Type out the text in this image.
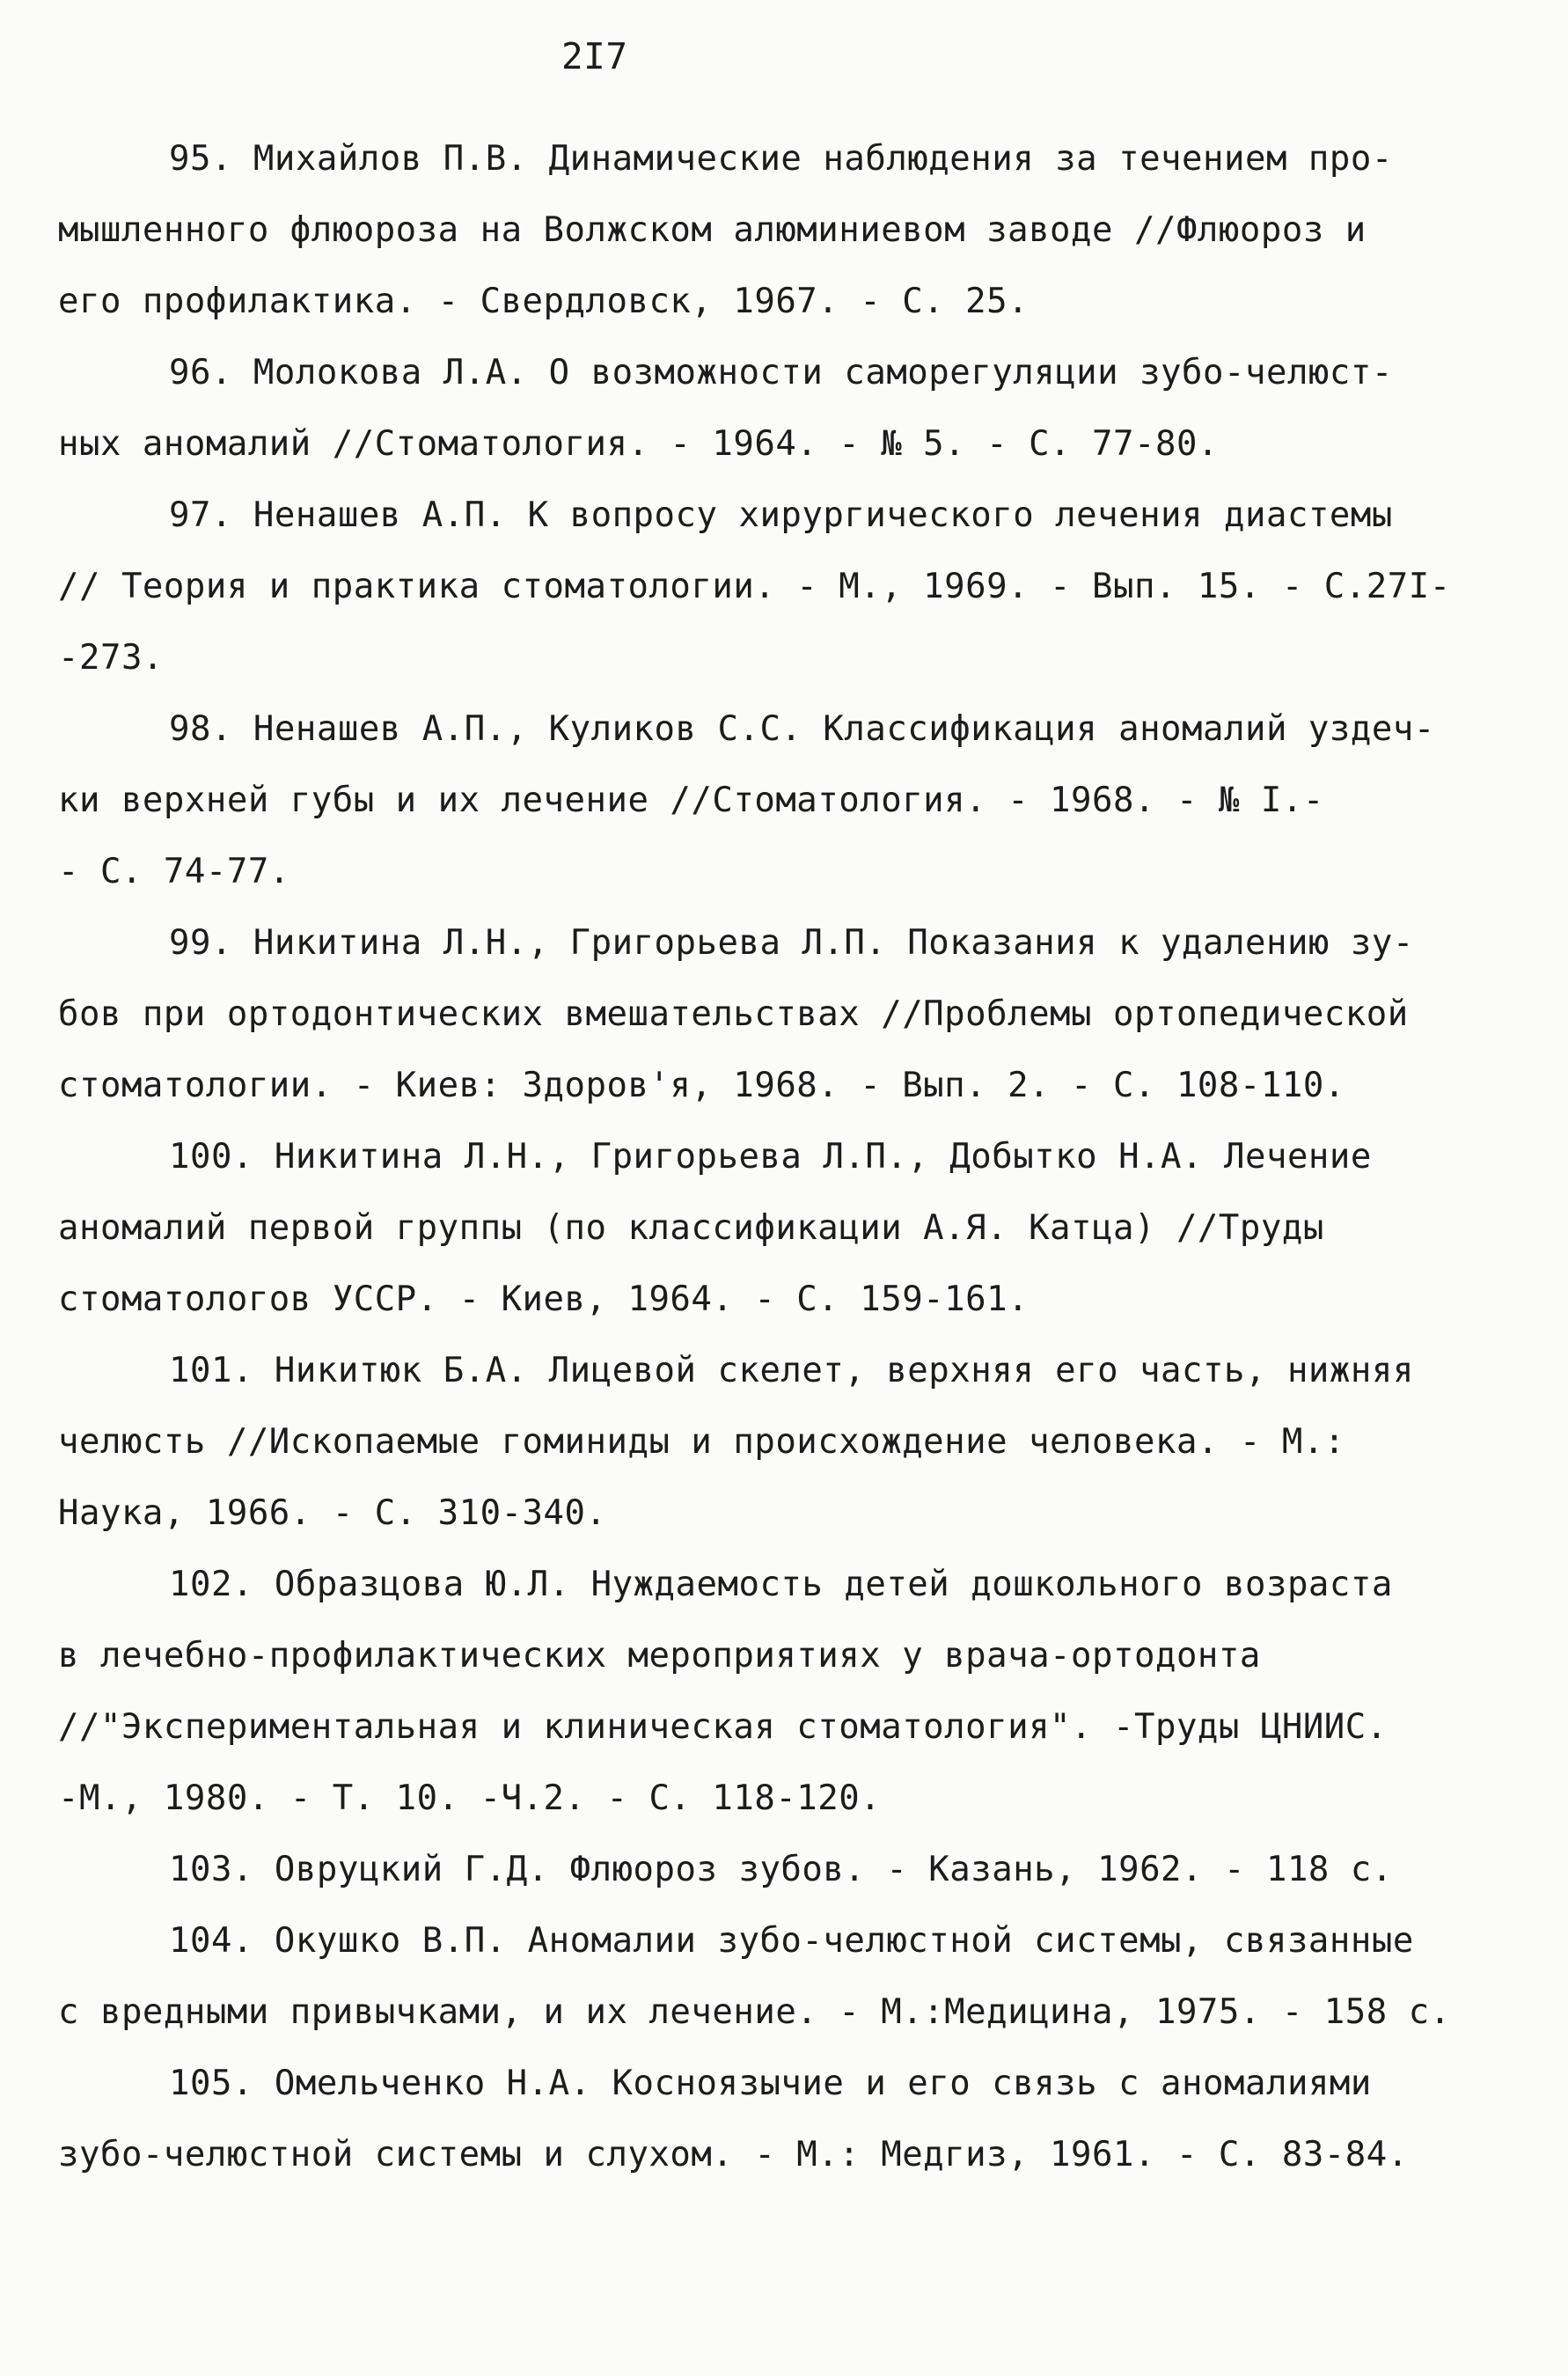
2I7
95. Михайлов П.В. Динамические наблюдения за течением про-
мышленного флюороза на Волжском алюминиевом заводе //Флюороз и
его профилактика. - Свердловск, 1967. - С. 25.
96. Молокова Л.А. О возможности саморегуляции зубо-челюст-
ных аномалий //Стоматология. - 1964. - № 5. - С. 77-80.
97. Ненашев А.П. К вопросу хирургического лечения диастемы
// Теория и практика стоматологии. - М., 1969. - Вып. 15. - С.27I-
-273.
98. Ненашев А.П., Куликов С.С. Классификация аномалий уздеч-
ки верхней губы и их лечение //Стоматология. - 1968. - № I.-
- С. 74-77.
99. Никитина Л.Н., Григорьева Л.П. Показания к удалению зу-
бов при ортодонтических вмешательствах //Проблемы ортопедической
стоматологии. - Киев: Здоров'я, 1968. - Вып. 2. - С. 108-110.
100. Никитина Л.Н., Григорьева Л.П., Добытко Н.А. Лечение
аномалий первой группы (по классификации А.Я. Катца) //Труды
стоматологов УССР. - Киев, 1964. - С. 159-161.
101. Никитюк Б.А. Лицевой скелет, верхняя его часть, нижняя
челюсть //Ископаемые гоминиды и происхождение человека. - М.:
Наука, 1966. - С. 310-340.
102. Образцова Ю.Л. Нуждаемость детей дошкольного возраста
в лечебно-профилактических мероприятиях у врача-ортодонта
//"Экспериментальная и клиническая стоматология". -Труды ЦНИИС.
-М., 1980. - Т. 10. -Ч.2. - С. 118-120.
103. Овруцкий Г.Д. Флюороз зубов. - Казань, 1962. - 118 с.
104. Окушко В.П. Аномалии зубо-челюстной системы, связанные
с вредными привычками, и их лечение. - М.:Медицина, 1975. - 158 с.
105. Омельченко Н.А. Косноязычие и его связь с аномалиями
зубо-челюстной системы и слухом. - М.: Медгиз, 1961. - С. 83-84.
